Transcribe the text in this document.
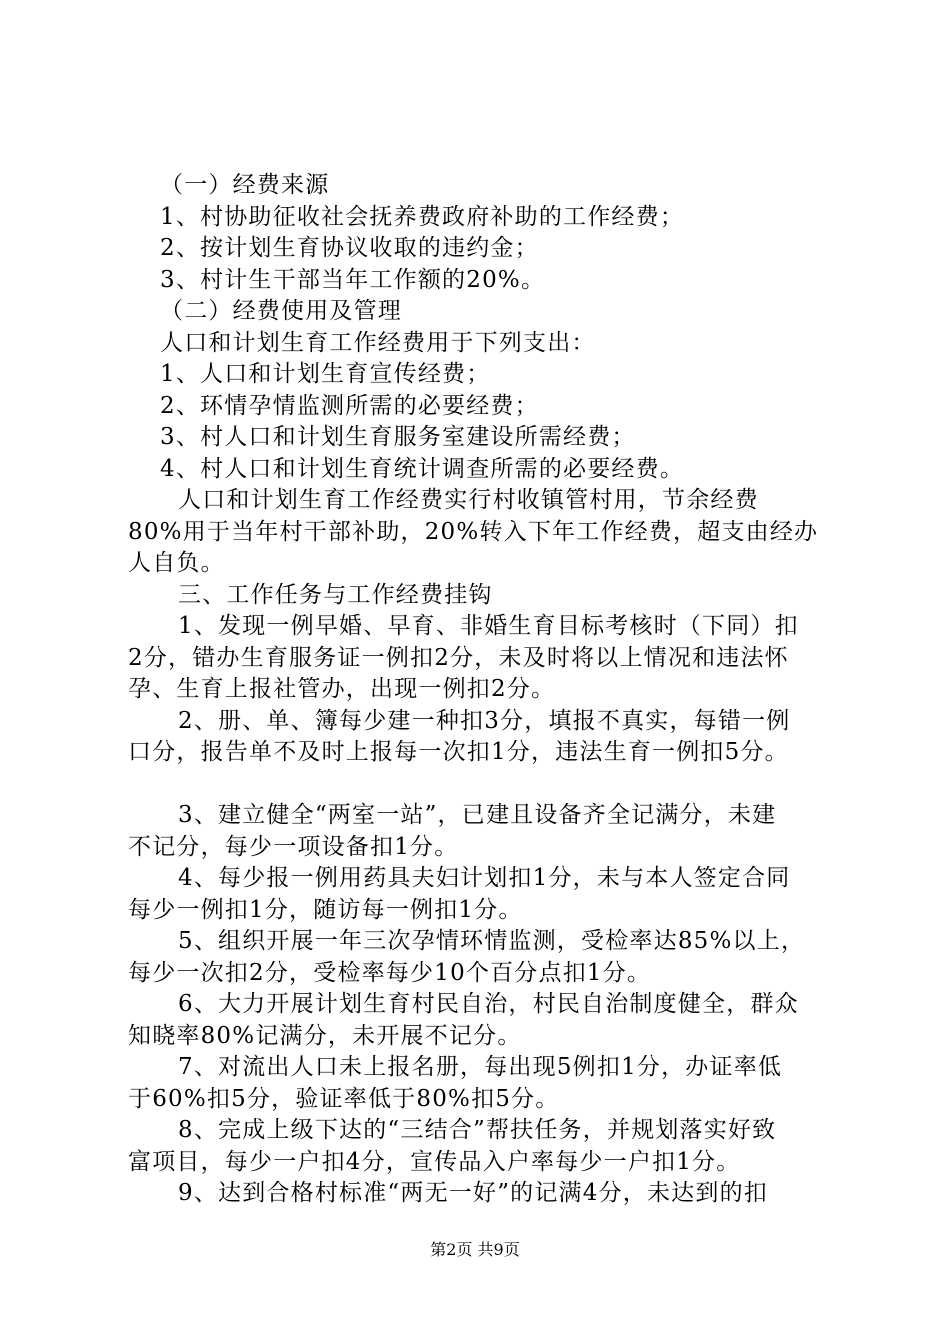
（一）经费来源

1、村协助征收社会抚养费政府补助的工作经费；

2、按计划生育协议收取的违约金；

3、村计生干部当年工作额的20%。

（二）经费使用及管理

人口和计划生育工作经费用于下列支出：

1、人口和计划生育宣传经费；

2、环情孕情监测所需的必要经费；

3、村人口和计划生育服务室建设所需经费；

4、村人口和计划生育统计调查所需的必要经费。

人口和计划生育工作经费实行村收镇管村用，节余经费

80%用于当年村干部补助，20%转入下年工作经费，超支由经办

人自负。

三、工作任务与工作经费挂钩

1、发现一例早婚、早育、非婚生育目标考核时（下同）扣

2分，错办生育服务证一例扣2分，未及时将以上情况和违法怀

孕、生育上报社管办，出现一例扣2分。

2、册、单、簿每少建一种扣3分，填报不真实，每错一例

口分，报告单不及时上报每一次扣1分，违法生育一例扣5分。

3、建立健全“两室一站”，已建且设备齐全记满分，未建

不记分，每少一项设备扣1分。

4、每少报一例用药具夫妇计划扣1分，未与本人签定合同

每少一例扣1分，随访每一例扣1分。

5、组织开展一年三次孕情环情监测，受检率达85%以上，

每少一次扣2分，受检率每少10个百分点扣1分。

6、大力开展计划生育村民自治，村民自治制度健全，群众

知晓率80%记满分，未开展不记分。

7、对流出人口未上报名册，每出现5例扣1分，办证率低

于60%扣5分，验证率低于80%扣5分。

8、完成上级下达的“三结合”帮扶任务，并规划落实好致

富项目，每少一户扣4分，宣传品入户率每少一户扣1分。

9、达到合格村标准“两无一好”的记满4分，未达到的扣

第2页 共9页
